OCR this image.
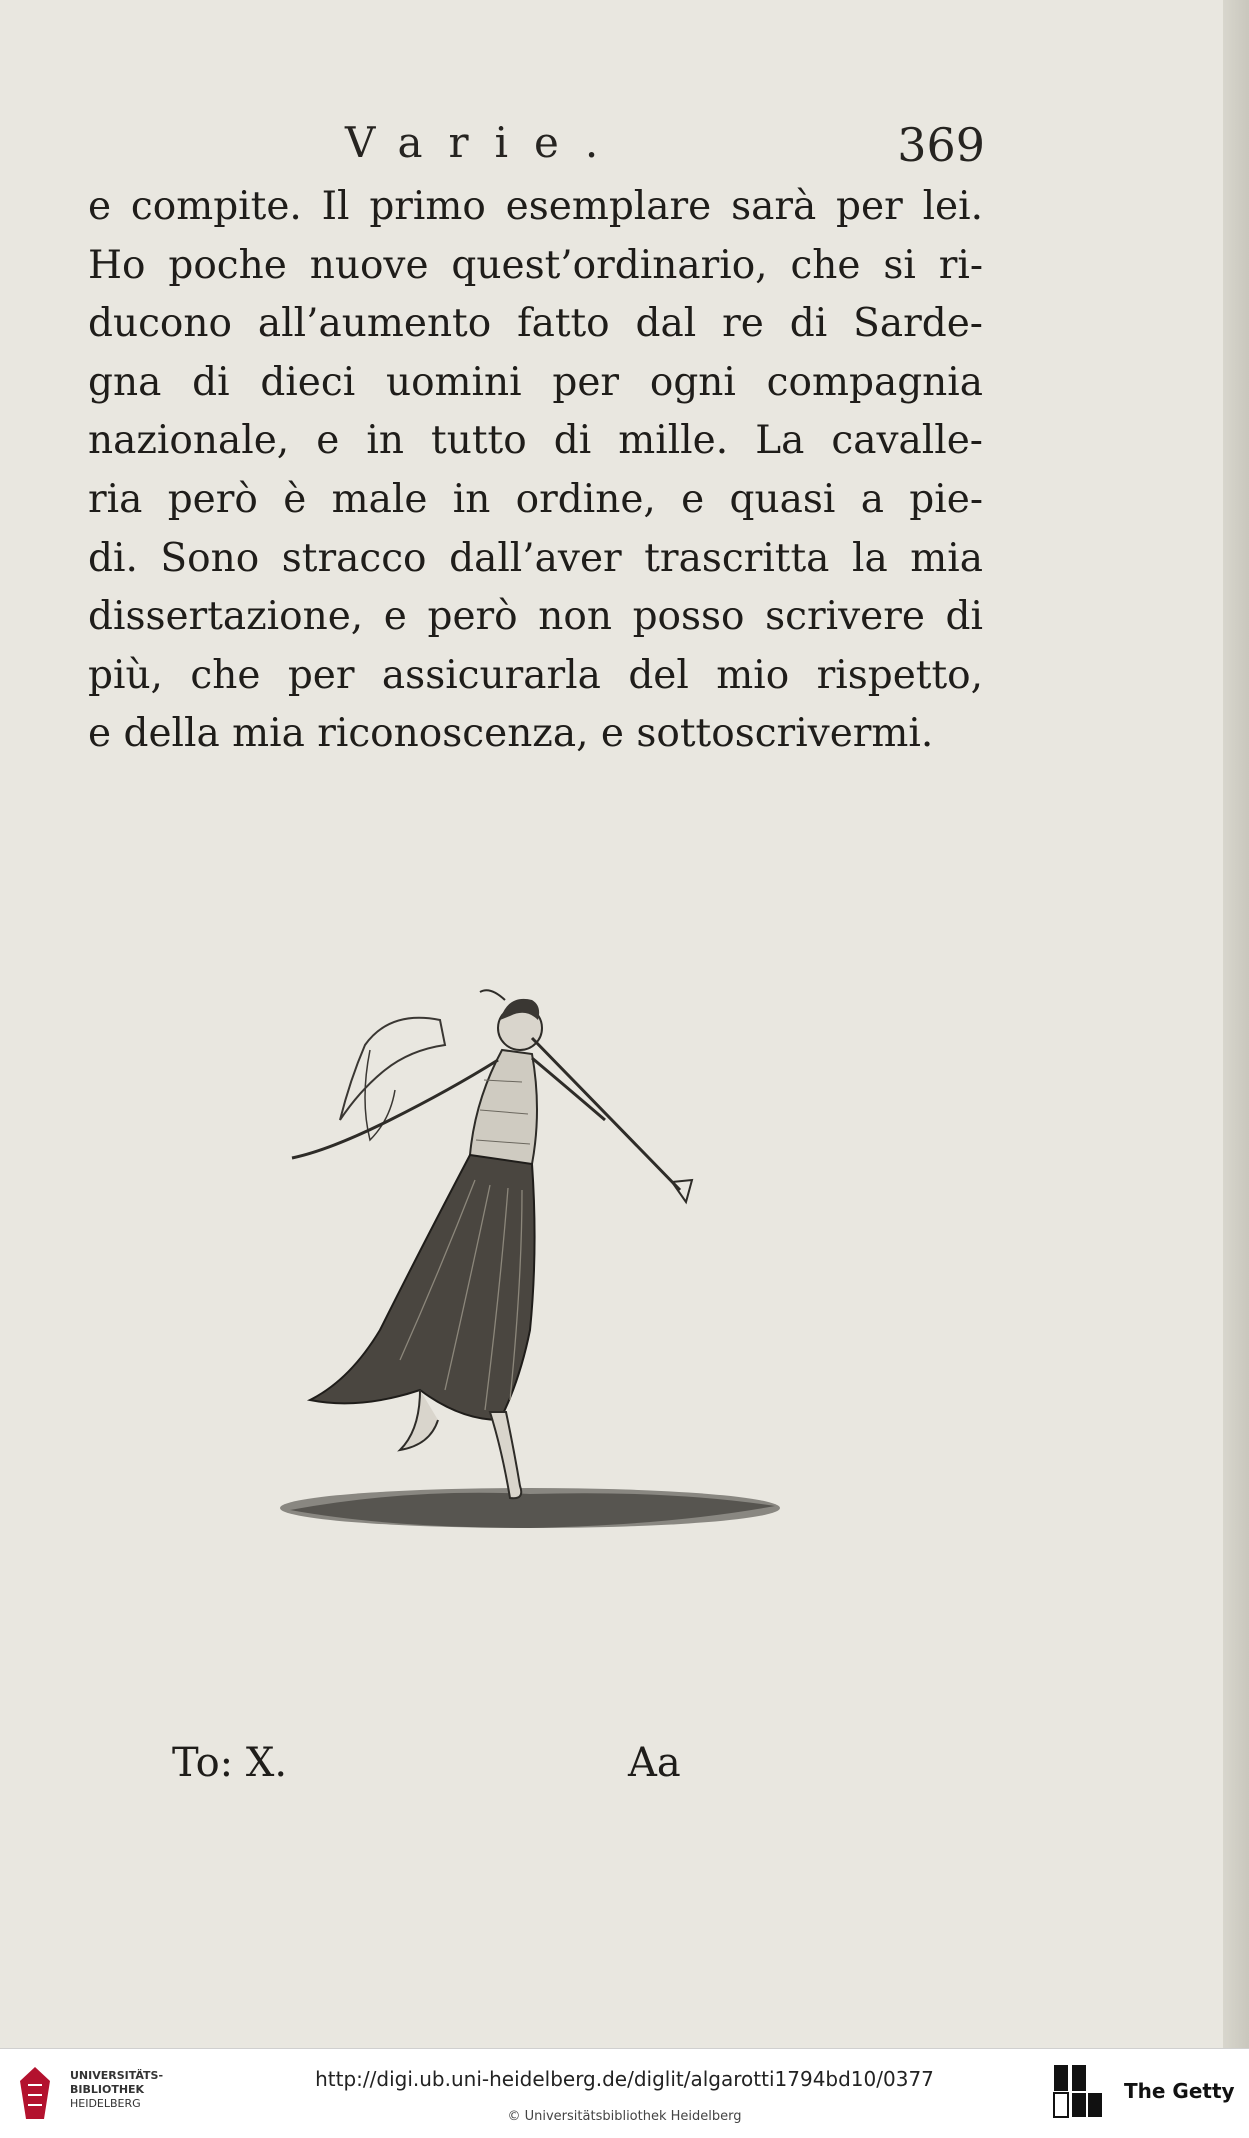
Varie.	369
e compite. Il primo esemplare sarà per lei.
Ho poche nuove quest’ordinario, che si ri-
ducono all’aumento fatto dal re di Sarde-
gna di dieci uomini per ogni compagnia
nazionale, e in tutto di mille. La cavalle-
ria però è male in ordine, e quasi a pie-
di. Sono stracco dall’aver trascritta la mia
dissertazione, e però non posso scrivere di
più, che per assicurarla del mio rispetto,
e della mia riconoscenza, e sottoscrivermi.
To: X.	Aa
UNIVERSITÄTS-
BIBLIOTHEK
HEIDELBERG
http://digi.ub.uni-heidelberg.de/diglit/algarotti1794bd10/0377
© Universitätsbibliothek Heidelberg
The Getty
